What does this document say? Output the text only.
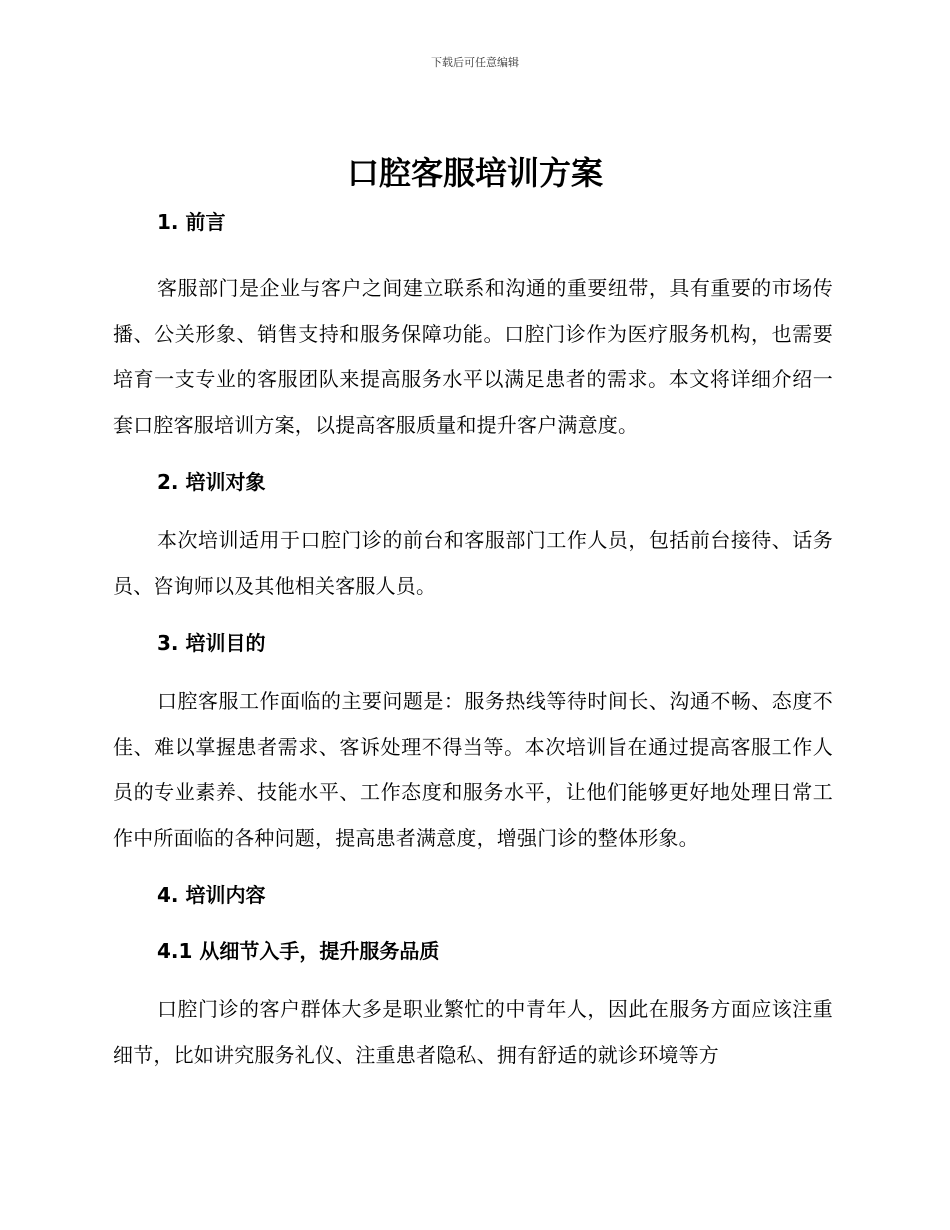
下载后可任意编辑
口腔客服培训方案
1. 前言

客服部门是企业与客户之间建立联系和沟通的重要纽带，具有重要的市场传播、公关形象、销售支持和服务保障功能。口腔门诊作为医疗服务机构，也需要培育一支专业的客服团队来提高服务水平以满足患者的需求。本文将详细介绍一套口腔客服培训方案，以提高客服质量和提升客户满意度。

2. 培训对象

本次培训适用于口腔门诊的前台和客服部门工作人员，包括前台接待、话务员、咨询师以及其他相关客服人员。

3. 培训目的

口腔客服工作面临的主要问题是：服务热线等待时间长、沟通不畅、态度不佳、难以掌握患者需求、客诉处理不得当等。本次培训旨在通过提高客服工作人员的专业素养、技能水平、工作态度和服务水平，让他们能够更好地处理日常工作中所面临的各种问题，提高患者满意度，增强门诊的整体形象。

4. 培训内容
4.1 从细节入手，提升服务品质

口腔门诊的客户群体大多是职业繁忙的中青年人，因此在服务方面应该注重细节，比如讲究服务礼仪、注重患者隐私、拥有舒适的就诊环境等方
